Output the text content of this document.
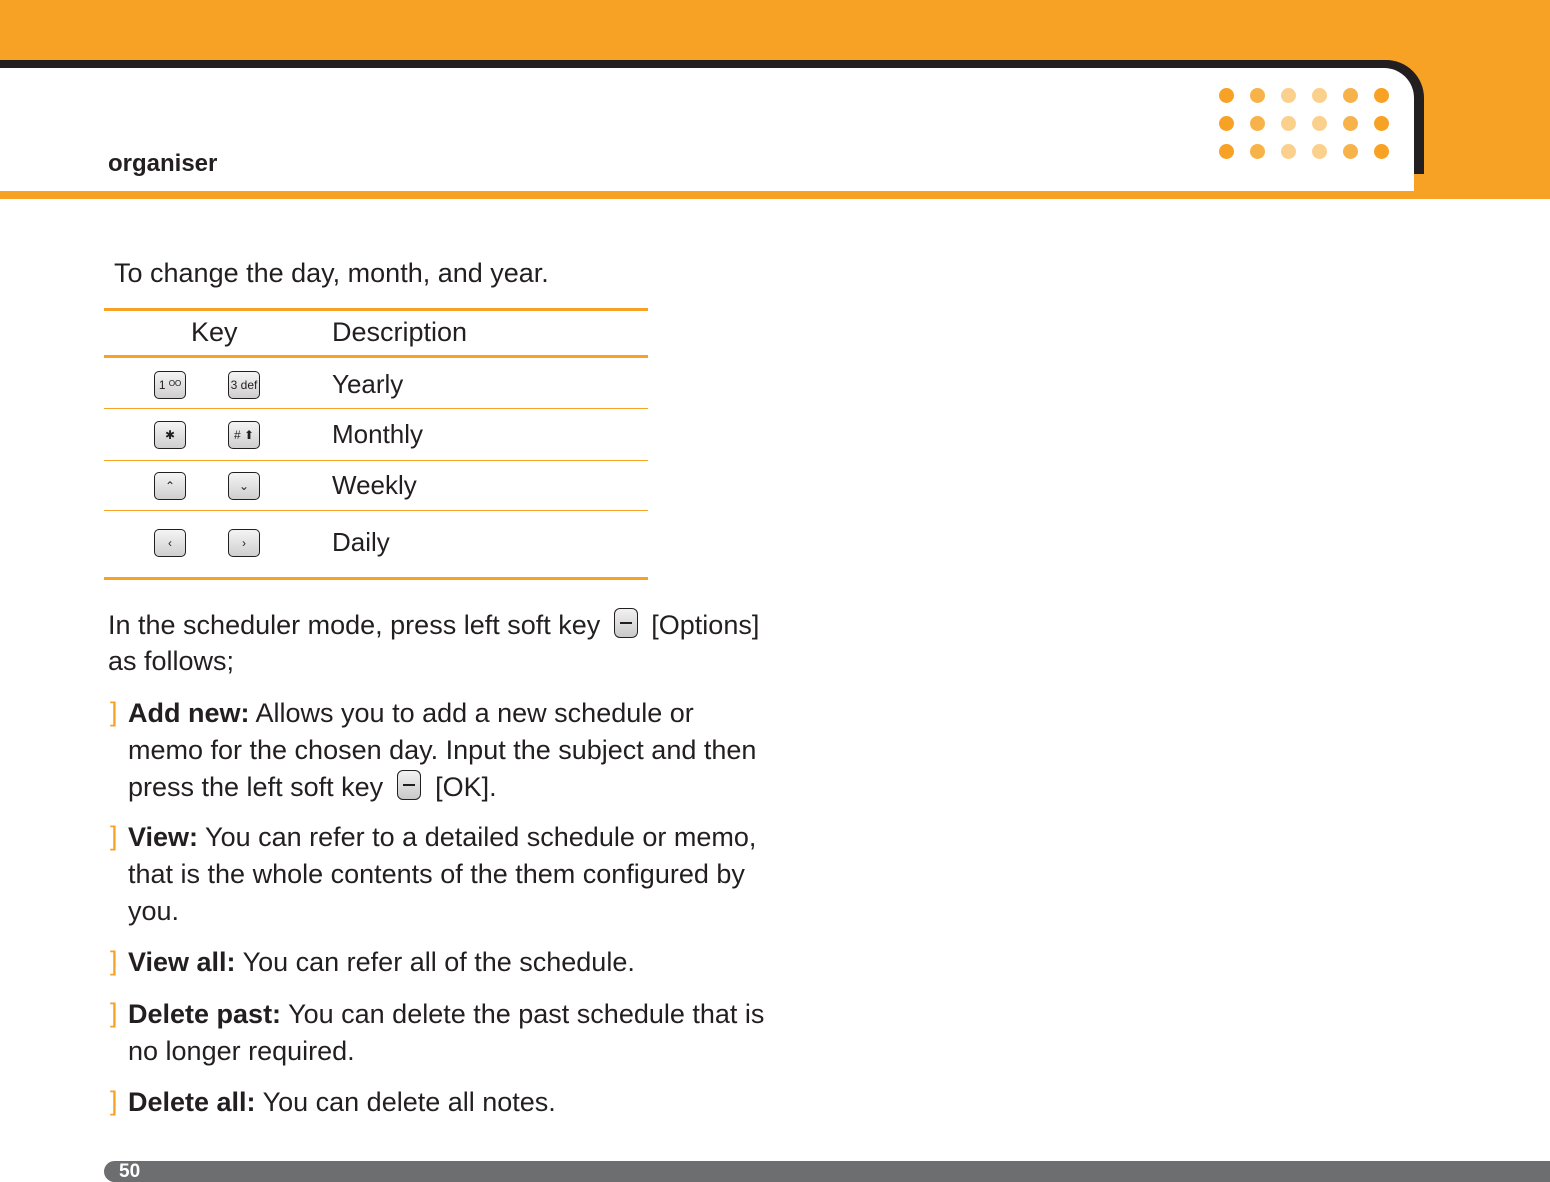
organiser
To change the day, month, and year.
Key	Description
1 ᴼᴼ	3 def	Yearly
✱	# ⬆	Monthly
⌃	⌄	Weekly
‹	›	Daily
In the scheduler mode, press left soft key [Options]
as follows;
] Add new: Allows you to add a new schedule or memo for the chosen day. Input the subject and then press the left soft key [OK].
] View: You can refer to a detailed schedule or memo, that is the whole contents of the them configured by you.
] View all: You can refer all of the schedule.
] Delete past: You can delete the past schedule that is no longer required.
] Delete all: You can delete all notes.
50
